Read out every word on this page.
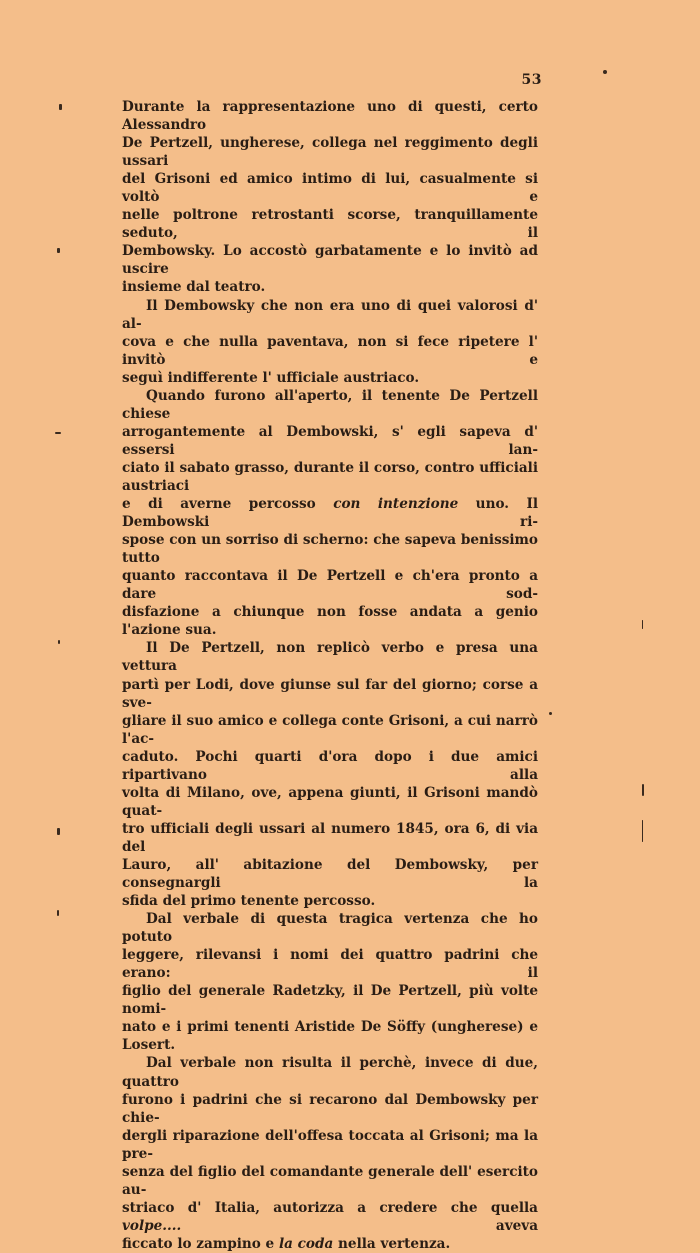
53

Durante la rappresentazione uno di questi, certo Alessandro

De Pertzell, ungherese, collega nel reggimento degli ussari

del Grisoni ed amico intimo di lui, casualmente si voltò e

nelle poltrone retrostanti scorse, tranquillamente seduto, il

Dembowsky. Lo accostò garbatamente e lo invitò ad uscire

insieme dal teatro.

Il Dembowsky che non era uno di quei valorosi d' al-

cova e che nulla paventava, non si fece ripetere l' invitò e

seguì indifferente l' ufficiale austriaco.

Quando furono all'aperto, il tenente De Pertzell chiese

arrogantemente al Dembowski, s' egli sapeva d' essersi lan-

ciato il sabato grasso, durante il corso, contro ufficiali austriaci

e di averne percosso con intenzione uno. Il Dembowski ri-

spose con un sorriso di scherno: che sapeva benissimo tutto

quanto raccontava il De Pertzell e ch'era pronto a dare sod-

disfazione a chiunque non fosse andata a genio l'azione sua.

Il De Pertzell, non replicò verbo e presa una vettura

partì per Lodi, dove giunse sul far del giorno; corse a sve-

gliare il suo amico e collega conte Grisoni, a cui narrò l'ac-

caduto. Pochi quarti d'ora dopo i due amici ripartivano alla

volta di Milano, ove, appena giunti, il Grisoni mandò quat-

tro ufficiali degli ussari al numero 1845, ora 6, di via del

Lauro, all' abitazione del Dembowsky, per consegnargli la

sfida del primo tenente percosso.

Dal verbale di questa tragica vertenza che ho potuto

leggere, rilevansi i nomi dei quattro padrini che erano: il

figlio del generale Radetzky, il De Pertzell, più volte nomi-

nato e i primi tenenti Aristide De Söffy (ungherese) e Losert.

Dal verbale non risulta il perchè, invece di due, quattro

furono i padrini che si recarono dal Dembowsky per chie-

dergli riparazione dell'offesa toccata al Grisoni; ma la pre-

senza del figlio del comandante generale dell' esercito au-

striaco d' Italia, autorizza a credere che quella volpe.... aveva

ficcato lo zampino e la coda nella vertenza.
